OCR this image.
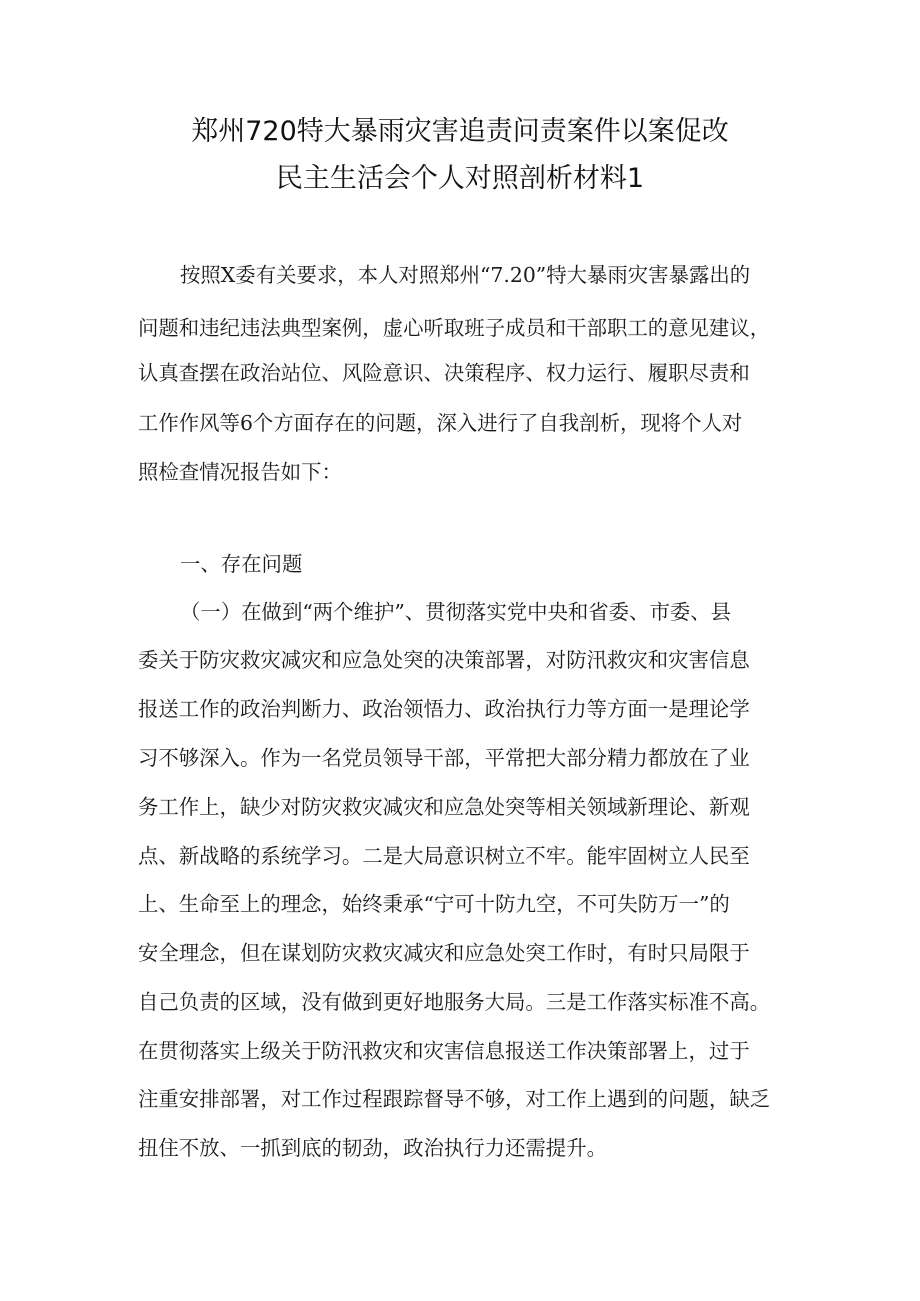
郑州720特大暴雨灾害追责问责案件以案促改
民主生活会个人对照剖析材料1
按照X委有关要求，本人对照郑州“7.20”特大暴雨灾害暴露出的
问题和违纪违法典型案例，虚心听取班子成员和干部职工的意见建议，
认真查摆在政治站位、风险意识、决策程序、权力运行、履职尽责和
工作作风等6个方面存在的问题，深入进行了自我剖析，现将个人对
照检查情况报告如下：
一、存在问题
（一）在做到“两个维护”、贯彻落实党中央和省委、市委、县
委关于防灾救灾减灾和应急处突的决策部署，对防汛救灾和灾害信息
报送工作的政治判断力、政治领悟力、政治执行力等方面一是理论学
习不够深入。作为一名党员领导干部，平常把大部分精力都放在了业
务工作上，缺少对防灾救灾减灾和应急处突等相关领域新理论、新观
点、新战略的系统学习。二是大局意识树立不牢。能牢固树立人民至
上、生命至上的理念，始终秉承“宁可十防九空，不可失防万一”的
安全理念，但在谋划防灾救灾减灾和应急处突工作时，有时只局限于
自己负责的区域，没有做到更好地服务大局。三是工作落实标准不高。
在贯彻落实上级关于防汛救灾和灾害信息报送工作决策部署上，过于
注重安排部署，对工作过程跟踪督导不够，对工作上遇到的问题，缺乏
扭住不放、一抓到底的韧劲，政治执行力还需提升。
